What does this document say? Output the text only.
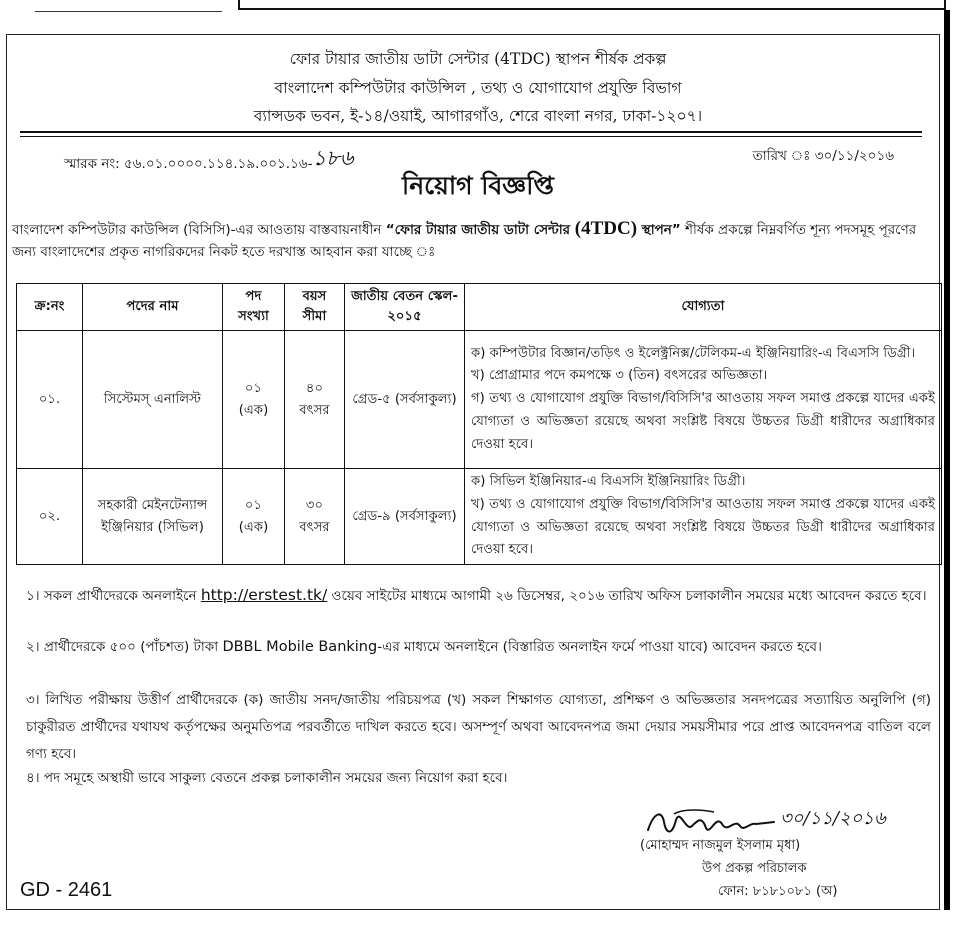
ফোর টায়ার জাতীয় ডাটা সেন্টার (4TDC) স্থাপন শীর্ষক প্রকল্প
বাংলাদেশ কম্পিউটার কাউন্সিল , তথ্য ও যোগাযোগ প্রযুক্তি বিভাগ
ব্যান্সডক ভবন, ই-১৪/ওয়াই, আগারগাঁও, শেরে বাংলা নগর, ঢাকা-১২০৭।
স্মারক নং: ৫৬.০১.০০০০.১১৪.১৯.০০১.১৬-১৮৬	তারিখ ঃ ৩০/১১/২০১৬
নিয়োগ বিজ্ঞপ্তি
বাংলাদেশ কম্পিউটার কাউন্সিল (বিসিসি)-এর আওতায় বাস্তবায়নাধীন “ফোর টায়ার জাতীয় ডাটা সেন্টার (4TDC) স্থাপন” শীর্ষক প্রকল্পে নিম্নবর্ণিত শূন্য পদসমূহ পূরণের জন্য বাংলাদেশের প্রকৃত নাগরিকদের নিকট হতে দরখাস্ত আহবান করা যাচ্ছে ঃ
ক্র:নং	পদের নাম	পদ সংখ্যা	বয়স সীমা	জাতীয় বেতন স্কেল- ২০১৫	যোগ্যতা
০১.	সিস্টেমস্ এনালিস্ট	০১ (এক)	৪০ বৎসর	গ্রেড-৫ (সর্বসাকুল্য)	ক) কম্পিউটার বিজ্ঞান/তড়িৎ ও ইলেক্ট্রনিক্স/টেলিকম-এ ইঞ্জিনিয়ারিং-এ বিএসসি ডিগ্রী।
খ) প্রোগ্রামার পদে কমপক্ষে ৩ (তিন) বৎসরের অভিজ্ঞতা।
গ) তথ্য ও যোগাযোগ প্রযুক্তি বিভাগ/বিসিসি'র আওতায় সফল সমাপ্ত প্রকল্পে যাদের একই যোগ্যতা ও অভিজ্ঞতা রয়েছে অথবা সংশ্লিষ্ট বিষয়ে উচ্চতর ডিগ্রী ধারীদের অগ্রাধিকার দেওয়া হবে।

০২.	সহকারী মেইনটেন্যান্স ইঞ্জিনিয়ার (সিভিল)	০১ (এক)	৩০ বৎসর	গ্রেড-৯ (সর্বসাকুল্য)	ক) সিভিল ইঞ্জিনিয়ার-এ বিএসসি ইঞ্জিনিয়ারিং ডিগ্রী।
খ) তথ্য ও যোগাযোগ প্রযুক্তি বিভাগ/বিসিসি'র আওতায় সফল সমাপ্ত প্রকল্পে যাদের একই যোগ্যতা ও অভিজ্ঞতা রয়েছে অথবা সংশ্লিষ্ট বিষয়ে উচ্চতর ডিগ্রী ধারীদের অগ্রাধিকার দেওয়া হবে।
১। সকল প্রার্থীদেরকে অনলাইনে http://erstest.tk/ ওয়েব সাইটের মাধ্যমে আগামী ২৬ ডিসেম্বর, ২০১৬ তারিখ অফিস চলাকালীন সময়ের মধ্যে আবেদন করতে হবে।
২। প্রার্থীদেরকে ৫০০ (পাঁচশত) টাকা DBBL Mobile Banking-এর মাধ্যমে অনলাইনে (বিস্তারিত অনলাইন ফর্মে পাওয়া যাবে) আবেদন করতে হবে।
৩। লিখিত পরীক্ষায় উত্তীর্ণ প্রার্থীদেরকে (ক) জাতীয় সনদ/জাতীয় পরিচয়পত্র (খ) সকল শিক্ষাগত যোগ্যতা, প্রশিক্ষণ ও অভিজ্ঞতার সনদপত্রের সত্যায়িত অনুলিপি (গ) চাকুরীরত প্রার্থীদের যথাযথ কর্তৃপক্ষের অনুমতিপত্র পরবর্তীতে দাখিল করতে হবে। অসম্পূর্ণ অথবা আবেদনপত্র জমা দেয়ার সময়সীমার পরে প্রাপ্ত আবেদনপত্র বাতিল বলে গণ্য হবে।
৪। পদ সমূহে অস্থায়ী ভাবে সাকুল্য বেতনে প্রকল্প চলাকালীন সময়ের জন্য নিয়োগ করা হবে।
৩০/১১/২০১৬
(মোহাম্মদ নাজমুল ইসলাম মৃধা)
উপ প্রকল্প পরিচালক
ফোন: ৮১৮১০৮১ (অ)
GD - 2461
